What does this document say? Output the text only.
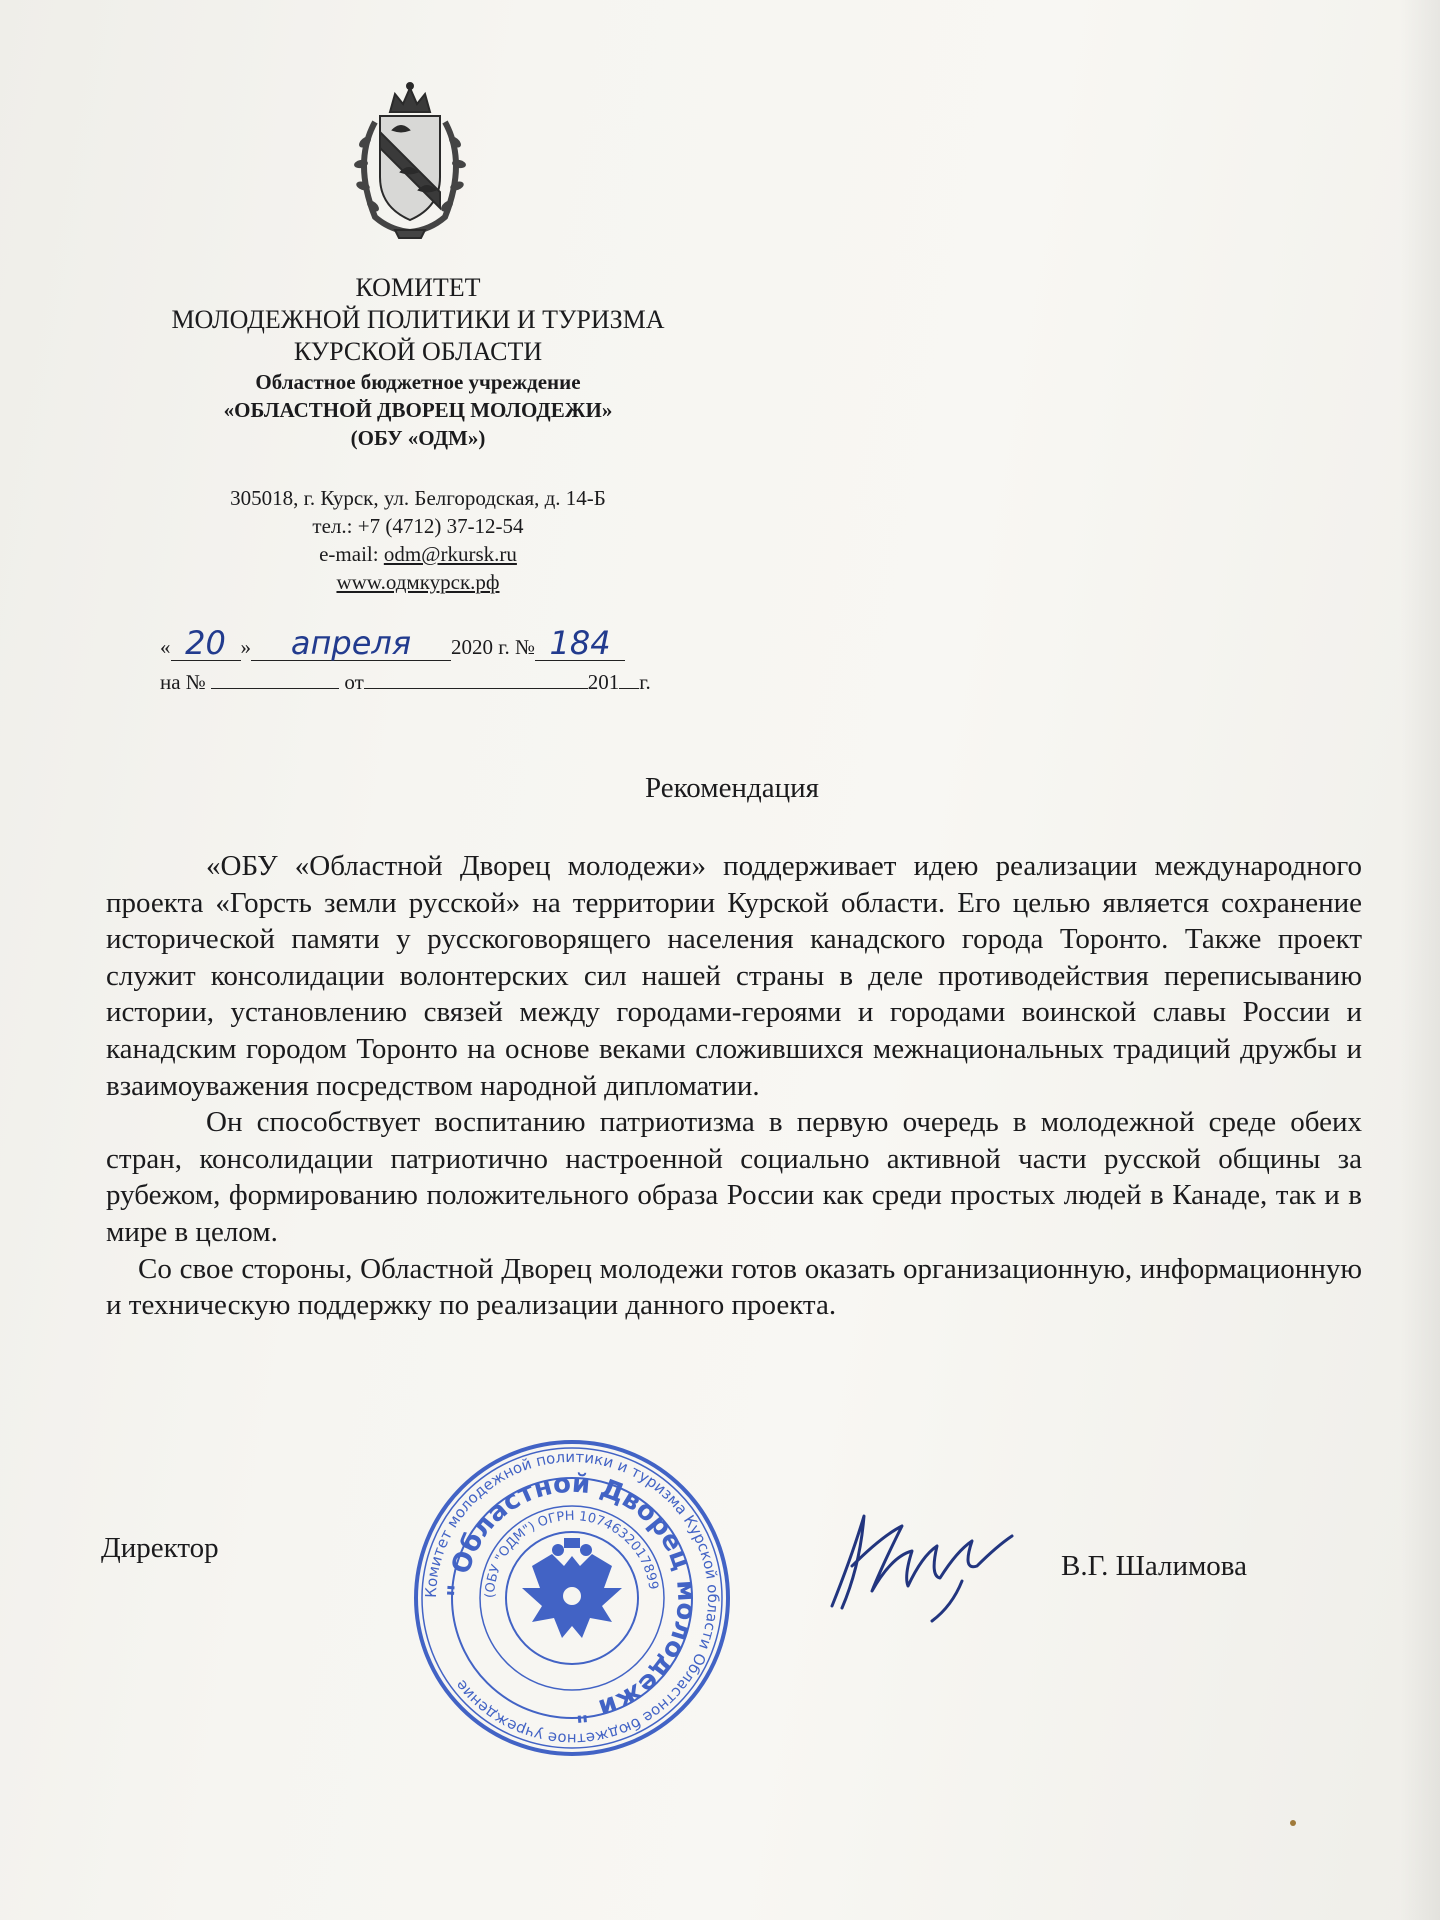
КОМИТЕТ
МОЛОДЕЖНОЙ ПОЛИТИКИ И ТУРИЗМА
КУРСКОЙ ОБЛАСТИ
Областное бюджетное учреждение
«ОБЛАСТНОЙ ДВОРЕЦ МОЛОДЕЖИ»
(ОБУ «ОДМ»)
305018, г. Курск, ул. Белгородская, д. 14-Б
тел.: +7 (4712) 37-12-54
e-mail: odm@rkursk.ru
www.одмкурск.рф
« 20 » апреля 2020 г. № 184
на №	от	201 г.
Рекомендация

«ОБУ «Областной Дворец молодежи» поддерживает идею реализации международного проекта «Горсть земли русской» на территории Курской области. Его целью является сохранение исторической памяти у русскоговорящего населения канадского города Торонто. Также проект служит консолидации волонтерских сил нашей страны в деле противодействия переписыванию истории, установлению связей между городами-героями и городами воинской славы России и канадским городом Торонто на основе веками сложившихся межнациональных традиций дружбы и взаимоуважения посредством народной дипломатии.

Он способствует воспитанию патриотизма в первую очередь в молодежной среде обеих стран, консолидации патриотично настроенной социально активной части русской общины за рубежом, формированию положительного образа России как среди простых людей в Канаде, так и в мире в целом.

Со свое стороны, Областной Дворец молодежи готов оказать организационную, информационную и техническую поддержку по реализации данного проекта.

Директор
Комитет молодежной политики и туризма Курской области Областное бюджетное учреждение
" Областной Дворец молодежи "
(ОБУ "ОДМ") ОГРН 1074632017899
В.Г. Шалимова
